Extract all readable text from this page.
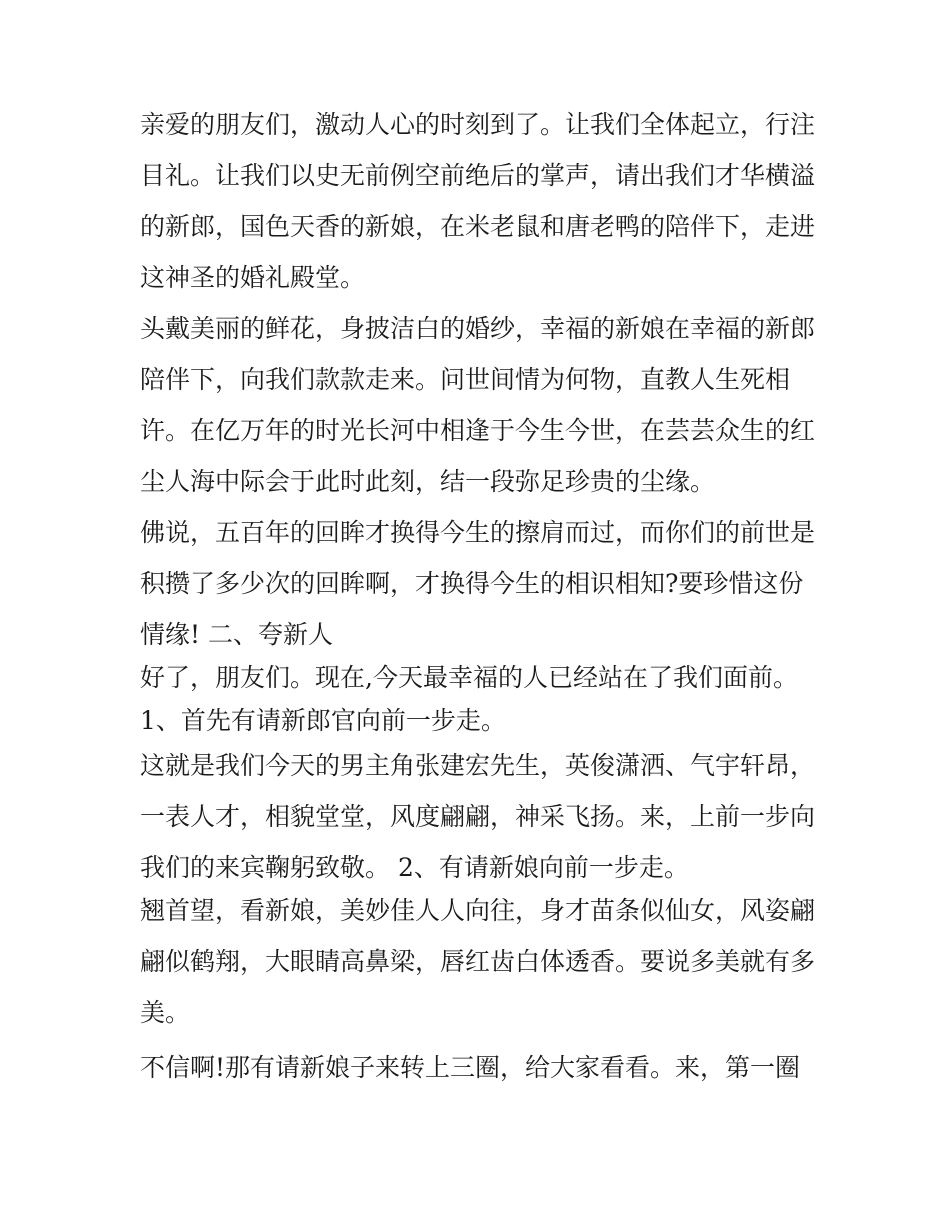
亲爱的朋友们，激动人心的时刻到了。让我们全体起立，行注
目礼。让我们以史无前例空前绝后的掌声，请出我们才华横溢
的新郎，国色天香的新娘，在米老鼠和唐老鸭的陪伴下，走进
这神圣的婚礼殿堂。
头戴美丽的鲜花，身披洁白的婚纱，幸福的新娘在幸福的新郎
陪伴下，向我们款款走来。问世间情为何物，直教人生死相
许。在亿万年的时光长河中相逢于今生今世，在芸芸众生的红
尘人海中际会于此时此刻，结一段弥足珍贵的尘缘。
佛说，五百年的回眸才换得今生的擦肩而过，而你们的前世是
积攒了多少次的回眸啊，才换得今生的相识相知?要珍惜这份
情缘! 二、夸新人
好了，朋友们。现在,今天最幸福的人已经站在了我们面前。
1、首先有请新郎官向前一步走。
这就是我们今天的男主角张建宏先生，英俊潇洒、气宇轩昂，
一表人才，相貌堂堂，风度翩翩，神采飞扬。来，上前一步向
我们的来宾鞠躬致敬。 2、有请新娘向前一步走。
翘首望，看新娘，美妙佳人人向往，身才苗条似仙女，风姿翩
翩似鹤翔，大眼睛高鼻梁，唇红齿白体透香。要说多美就有多
美。
不信啊!那有请新娘子来转上三圈，给大家看看。来，第一圈
